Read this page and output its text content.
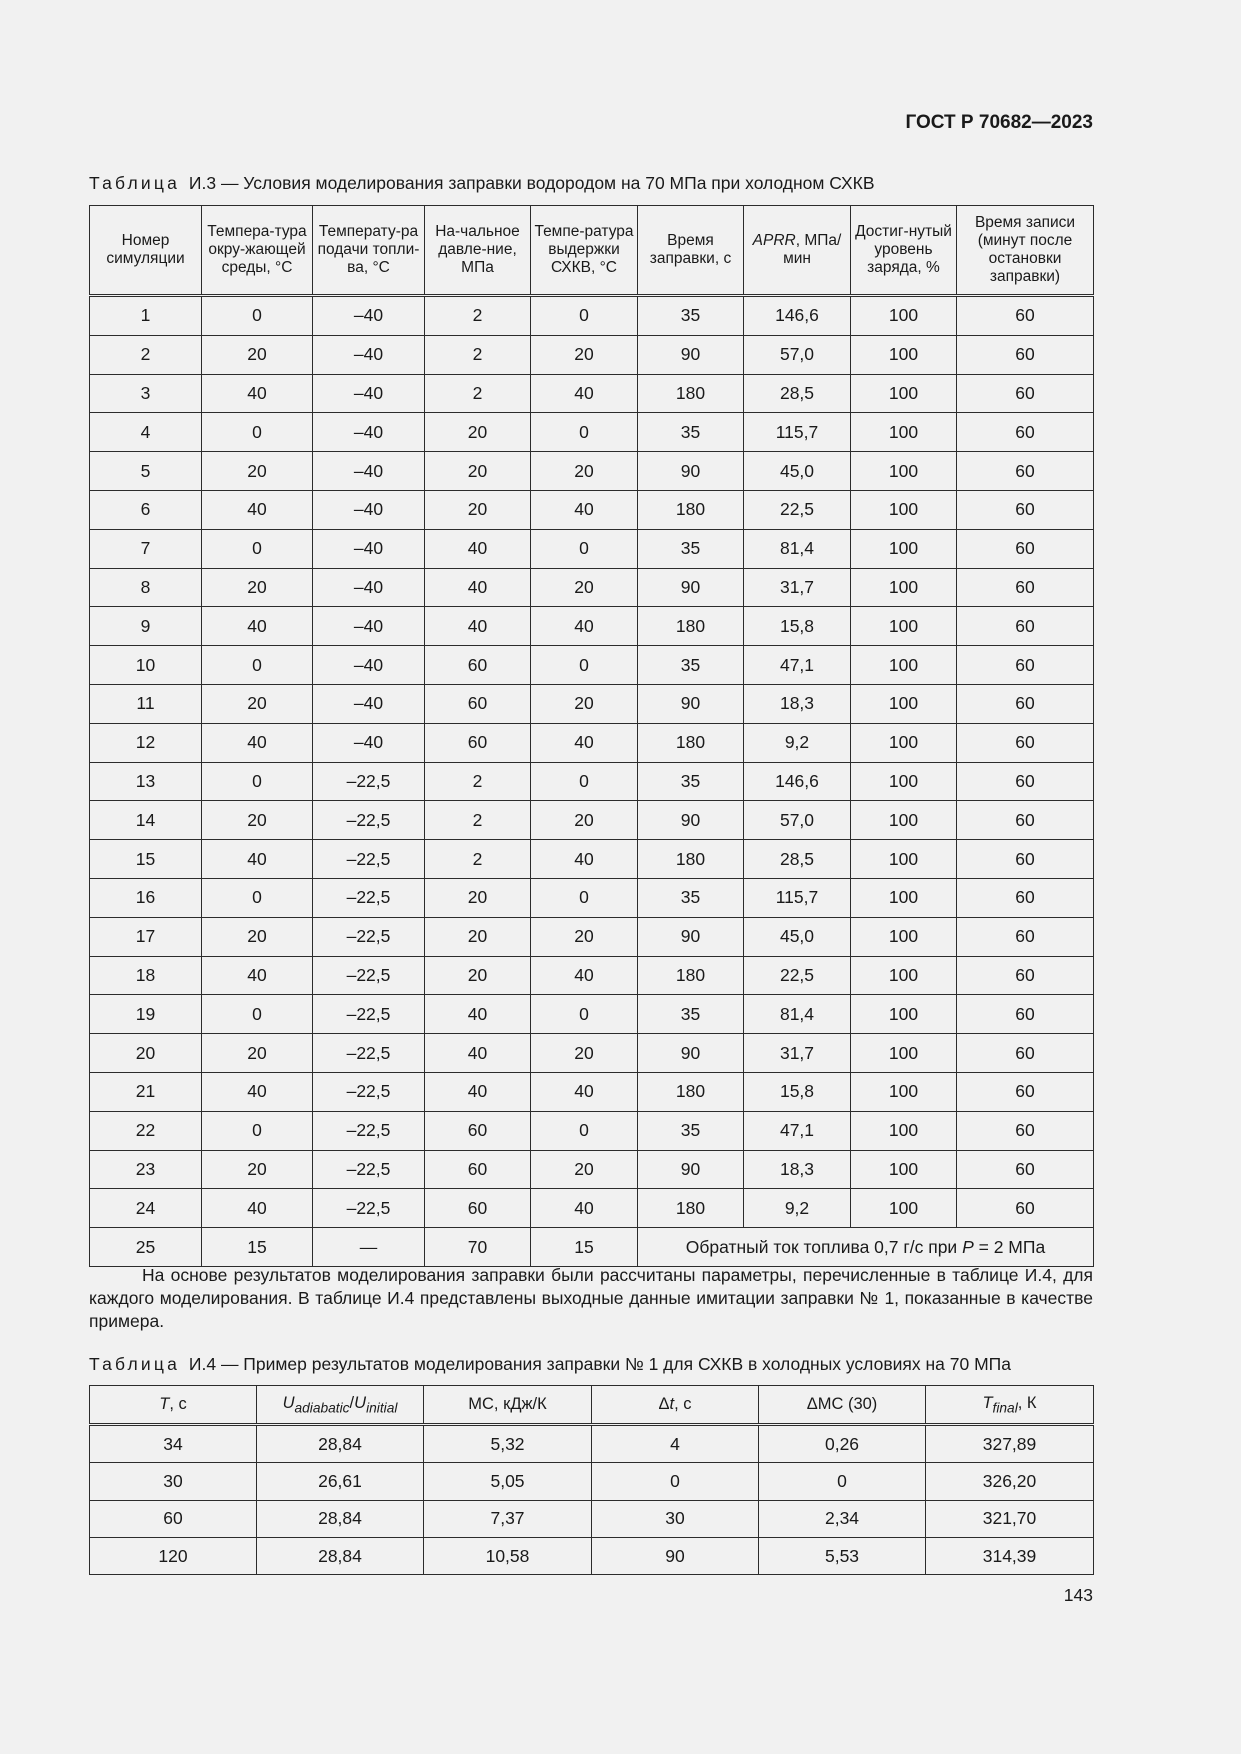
ГОСТ Р 70682—2023
Таблица И.3 — Условия моделирования заправки водородом на 70 МПа при холодном СХКВ
Номер симуляции	Темпера-тура окру-жающей среды, °С	Температу-ра подачи топли-ва, °С	На-чальное давле-ние, МПа	Темпе-ратура выдержки СХКВ, °С	Время заправки, с	APRR, МПа/мин	Достиг-нутый уровень заряда, %	Время записи (минут после остановки заправки)
1	0	–40	2	0	35	146,6	100	60
2	20	–40	2	20	90	57,0	100	60
3	40	–40	2	40	180	28,5	100	60
4	0	–40	20	0	35	115,7	100	60
5	20	–40	20	20	90	45,0	100	60
6	40	–40	20	40	180	22,5	100	60
7	0	–40	40	0	35	81,4	100	60
8	20	–40	40	20	90	31,7	100	60
9	40	–40	40	40	180	15,8	100	60
10	0	–40	60	0	35	47,1	100	60
11	20	–40	60	20	90	18,3	100	60
12	40	–40	60	40	180	9,2	100	60
13	0	–22,5	2	0	35	146,6	100	60
14	20	–22,5	2	20	90	57,0	100	60
15	40	–22,5	2	40	180	28,5	100	60
16	0	–22,5	20	0	35	115,7	100	60
17	20	–22,5	20	20	90	45,0	100	60
18	40	–22,5	20	40	180	22,5	100	60
19	0	–22,5	40	0	35	81,4	100	60
20	20	–22,5	40	20	90	31,7	100	60
21	40	–22,5	40	40	180	15,8	100	60
22	0	–22,5	60	0	35	47,1	100	60
23	20	–22,5	60	20	90	18,3	100	60
24	40	–22,5	60	40	180	9,2	100	60
25	15	—	70	15	Обратный ток топлива 0,7 г/с при P = 2 МПа			
На основе результатов моделирования заправки были рассчитаны параметры, перечисленные в таблице И.4, для каждого моделирования. В таблице И.4 представлены выходные данные имитации заправки № 1, показанные в качестве примера.
Таблица И.4 — Пример результатов моделирования заправки № 1 для СХКВ в холодных условиях на 70 МПа
T, с	$U_{adiabatic}/U_{initial}$	MC, кДж/К	Δt, с	ΔMC (30)	$T_{final}$, К
34	28,84	5,32	4	0,26	327,89
30	26,61	5,05	0	0	326,20
60	28,84	7,37	30	2,34	321,70
120	28,84	10,58	90	5,53	314,39
143
